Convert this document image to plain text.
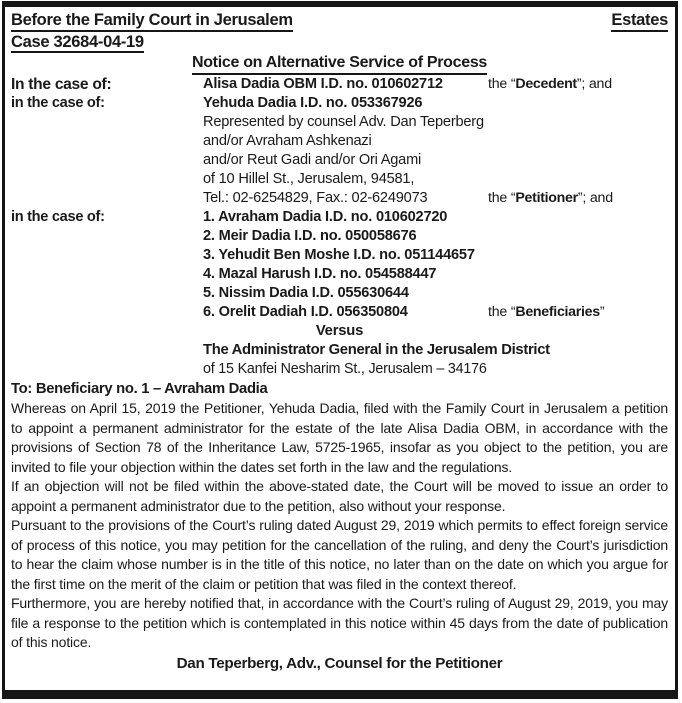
Before the Family Court in Jerusalem	Estates
Case 32684-04-19
Notice on Alternative Service of Process
In the case of:	Alisa Dadia OBM I.D. no. 010602712	the “Decedent”; and
in the case of:	Yehuda Dadia I.D. no. 053367926
Represented by counsel Adv. Dan Teperberg
and/or Avraham Ashkenazi
and/or Reut Gadi and/or Ori Agami
of 10 Hillel St., Jerusalem, 94581,
Tel.: 02-6254829, Fax.: 02-6249073	the “Petitioner”; and
in the case of:	1. Avraham Dadia I.D. no. 010602720
2. Meir Dadia I.D. no. 050058676
3. Yehudit Ben Moshe I.D. no. 051144657
4. Mazal Harush I.D. no. 054588447
5. Nissim Dadia I.D. 055630644
6. Orelit Dadiah I.D. 056350804	the “Beneficiaries”
Versus
The Administrator General in the Jerusalem District
of 15 Kanfei Nesharim St., Jerusalem – 34176
To: Beneficiary no. 1 – Avraham Dadia

Whereas on April 15, 2019 the Petitioner, Yehuda Dadia, filed with the Family Court in Jerusalem a petition to appoint a permanent administrator for the estate of the late Alisa Dadia OBM, in accordance with the provisions of Section 78 of the Inheritance Law, 5725-1965, insofar as you object to the petition, you are invited to file your objection within the dates set forth in the law and the regulations.

If an objection will not be filed within the above-stated date, the Court will be moved to issue an order to appoint a permanent administrator due to the petition, also without your response.

Pursuant to the provisions of the Court’s ruling dated August 29, 2019 which permits to effect foreign service of process of this notice, you may petition for the cancellation of the ruling, and deny the Court’s jurisdiction to hear the claim whose number is in the title of this notice, no later than on the date on which you argue for the first time on the merit of the claim or petition that was filed in the context thereof.

Furthermore, you are hereby notified that, in accordance with the Court’s ruling of August 29, 2019, you may file a response to the petition which is contemplated in this notice within 45 days from the date of publication of this notice.

Dan Teperberg, Adv., Counsel for the Petitioner
